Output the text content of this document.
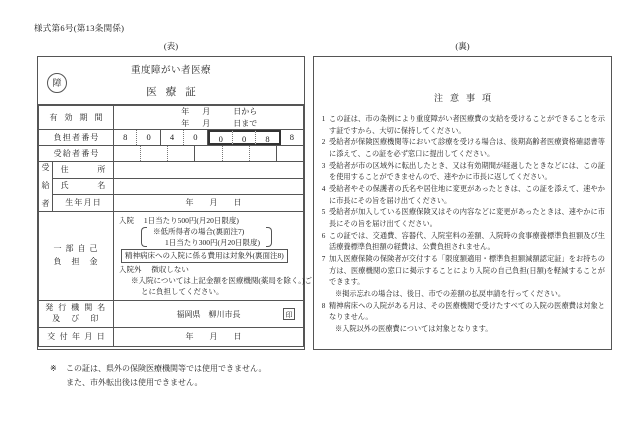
様式第6号(第13条関係)
(表)	(裏)
障
重度障がい者医療
医療証
有 効 期 間	
年	月	日から
年	月	日まで

負担者番号	8	0	4	0	0	0	8	8

受給者番号		

受
給
者	住　　　所	
	氏　　　名	
	生年月日	年 月 日

一 部 自 己
負　担　金

入院 1日当たり500円(月20日限度)
※低所得者の場合(裏面注7)
1日当たり300円(月20日限度)
精神病床への入院に係る費用は対象外(裏面注8)
入院外 徴収しない
※入院については上記金額を医療機関(薬局を除く。)ご
とに負担してください。

発 行 機 関 名
及　び　印	福岡県　柳川市長	印

交 付 年 月 日		年 月 日
※ この証は、県外の保険医療機関等では使用できません。
また、市外転出後は使用できません。
注意事項
1 この証は、市の条例により重度障がい者医療費の支給を受けることができることを示す証ですから、大切に保持してください。
2 受給者が保険医療機関等において診療を受ける場合は、後期高齢者医療資格確認書等に添えて、この証を必ず窓口に提出してください。
3 受給者が市の区域外に転出したとき、又は有効期間が経過したときなどには、この証を使用することができませんので、速やかに市長に返してください。
4 受給者やその保護者の氏名や居住地に変更があったときは、この証を添えて、速やかに市長にその旨を届け出てください。
5 受給者が加入している医療保険又はその内容などに変更があったときは、速やかに市長にその旨を届け出てください。
6 この証では、交通費、容器代、入院室料の差額、入院時の食事療養標準負担額及び生活療養標準負担額の経費は、公費負担されません。
7 加入医療保険の保険者が交付する「限度額適用・標準負担額減額認定証」をお持ちの方は、医療機関の窓口に掲示することにより入院の自己負担(日額)を軽減することができます。
※掲示忘れの場合は、後日、市での差額の払戻申請を行ってください。
8 精神病床への入院がある月は、その医療機関で受けたすべての入院の医療費は対象となりません。
※入院以外の医療費については対象となります。
